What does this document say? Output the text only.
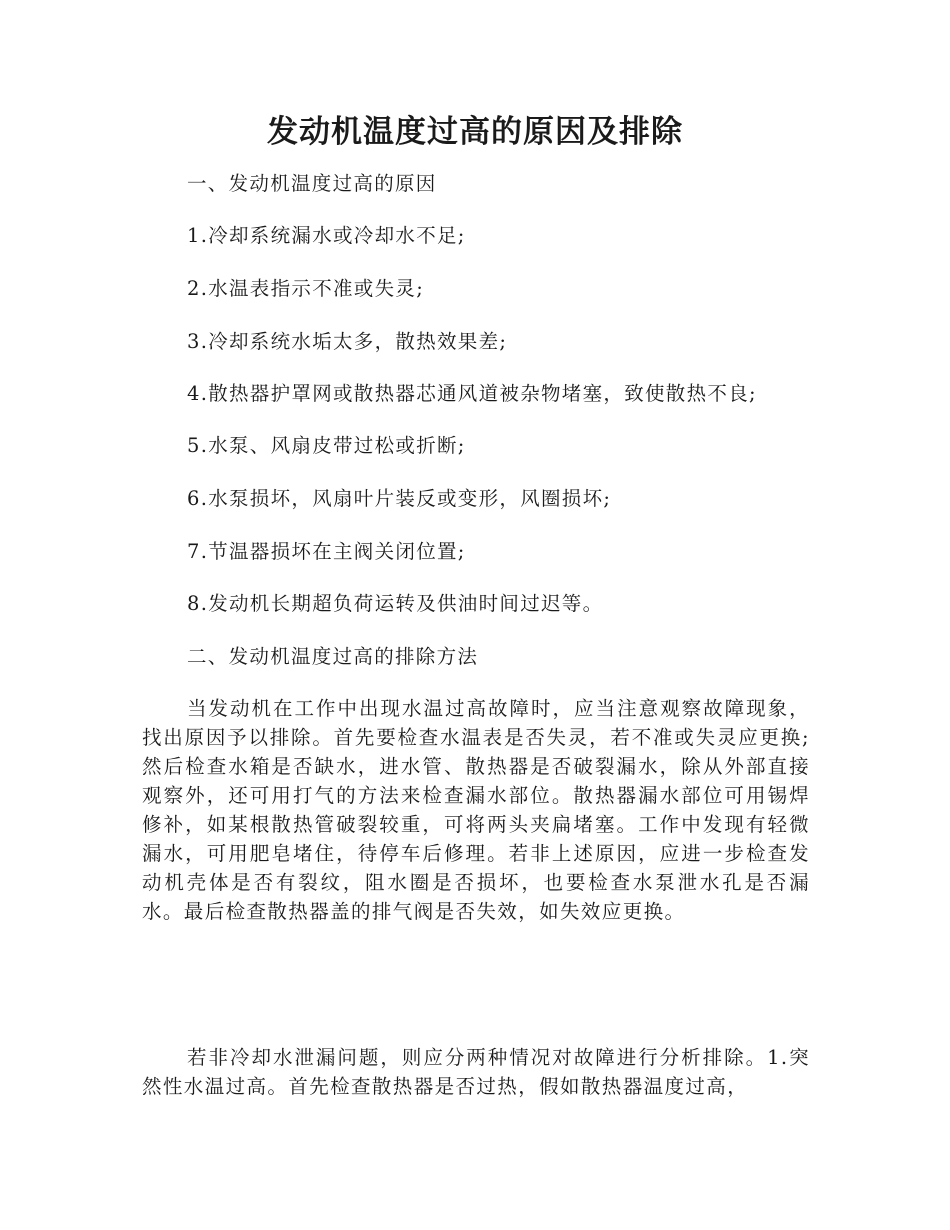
发动机温度过高的原因及排除
一、发动机温度过高的原因
1.冷却系统漏水或冷却水不足;
2.水温表指示不准或失灵;
3.冷却系统水垢太多，散热效果差;
4.散热器护罩网或散热器芯通风道被杂物堵塞，致使散热不良;
5.水泵、风扇皮带过松或折断;
6.水泵损坏，风扇叶片装反或变形，风圈损坏;
7.节温器损坏在主阀关闭位置;
8.发动机长期超负荷运转及供油时间过迟等。
二、发动机温度过高的排除方法

当发动机在工作中出现水温过高故障时，应当注意观察故障现象，找出原因予以排除。首先要检查水温表是否失灵，若不准或失灵应更换;然后检查水箱是否缺水，进水管、散热器是否破裂漏水，除从外部直接观察外，还可用打气的方法来检查漏水部位。散热器漏水部位可用锡焊修补，如某根散热管破裂较重，可将两头夹扁堵塞。工作中发现有轻微漏水，可用肥皂堵住，待停车后修理。若非上述原因，应进一步检查发动机壳体是否有裂纹，阻水圈是否损坏，也要检查水泵泄水孔是否漏水。最后检查散热器盖的排气阀是否失效，如失效应更换。

若非冷却水泄漏问题，则应分两种情况对故障进行分析排除。1.突然性水温过高。首先检查散热器是否过热，假如散热器温度过高，
